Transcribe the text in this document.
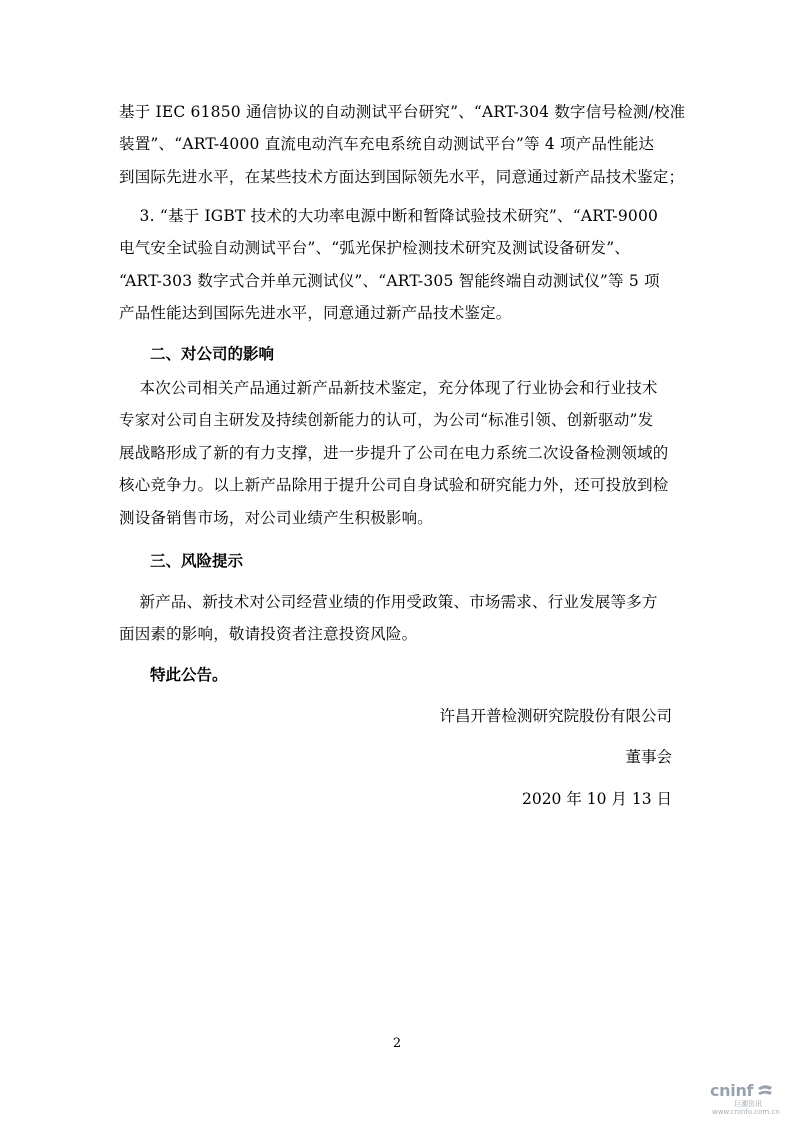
基于 IEC 61850 通信协议的自动测试平台研究”、“ART-304 数字信号检测/校准
装置”、“ART-4000 直流电动汽车充电系统自动测试平台”等 4 项产品性能达
到国际先进水平，在某些技术方面达到国际领先水平，同意通过新产品技术鉴定；
3. “基于 IGBT 技术的大功率电源中断和暂降试验技术研究”、“ART-9000
电气安全试验自动测试平台”、“弧光保护检测技术研究及测试设备研发”、
“ART-303 数字式合并单元测试仪”、“ART-305 智能终端自动测试仪”等 5 项
产品性能达到国际先进水平，同意通过新产品技术鉴定。
二、对公司的影响
本次公司相关产品通过新产品新技术鉴定，充分体现了行业协会和行业技术
专家对公司自主研发及持续创新能力的认可，为公司“标准引领、创新驱动”发
展战略形成了新的有力支撑，进一步提升了公司在电力系统二次设备检测领域的
核心竞争力。以上新产品除用于提升公司自身试验和研究能力外，还可投放到检
测设备销售市场，对公司业绩产生积极影响。
三、风险提示
新产品、新技术对公司经营业绩的作用受政策、市场需求、行业发展等多方
面因素的影响，敬请投资者注意投资风险。
特此公告。
许昌开普检测研究院股份有限公司
董事会
2020 年 10 月 13 日
2
cninf
巨潮资讯
www.cninfo.com.cn
